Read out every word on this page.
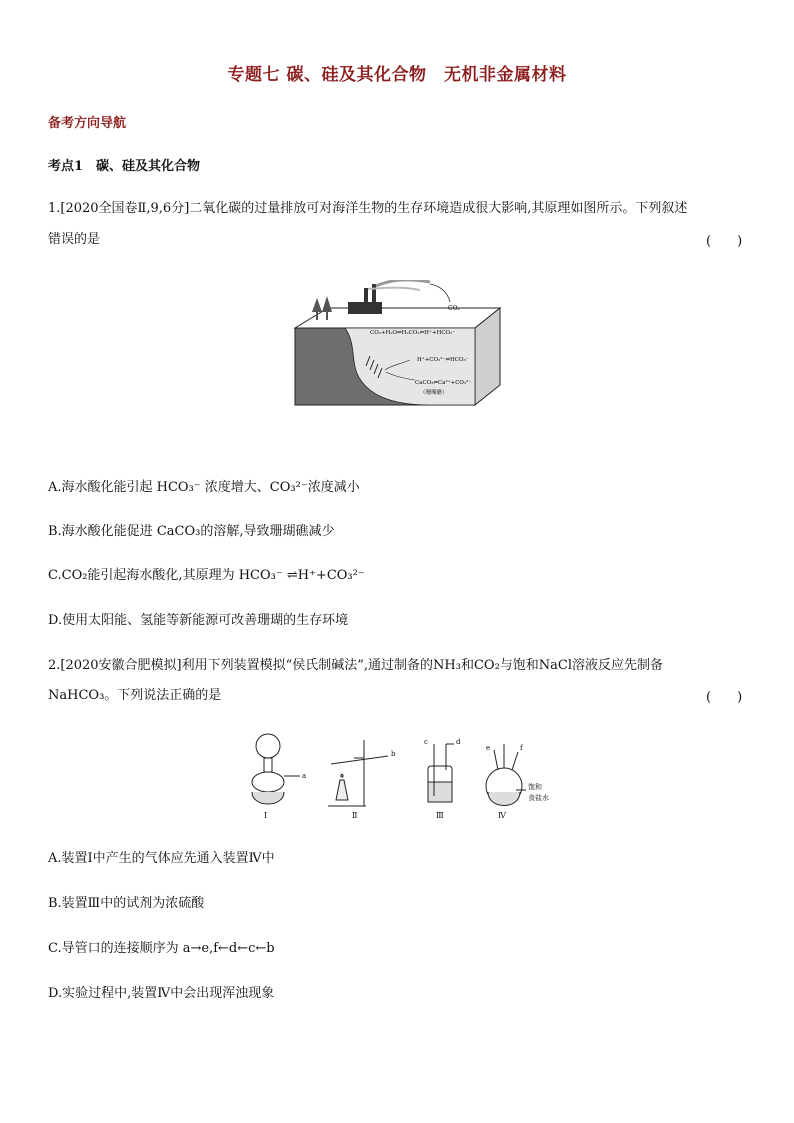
专题七 碳、硅及其化合物　无机非金属材料
备考方向导航
考点1　碳、硅及其化合物
1.[2020全国卷Ⅱ,9,6分]二氧化碳的过量排放可对海洋生物的生存环境造成很大影响,其原理如图所示。下列叙述
错误的是	(　　)
CO₂
CO₂+H₂O⇌H₂CO₃⇌H⁺+HCO₃⁻
H⁺+CO₃²⁻⇌HCO₃⁻
CaCO₃⇌Ca²⁺+CO₃²⁻
（珊瑚礁）
A.海水酸化能引起 HCO₃⁻ 浓度增大、CO₃²⁻浓度减小
B.海水酸化能促进 CaCO₃的溶解,导致珊瑚礁减少
C.CO₂能引起海水酸化,其原理为 HCO₃⁻ ⇌H⁺+CO₃²⁻
D.使用太阳能、氢能等新能源可改善珊瑚的生存环境
2.[2020安徽合肥模拟]利用下列装置模拟“侯氏制碱法”,通过制备的NH₃和CO₂与饱和NaCl溶液反应先制备
NaHCO₃。下列说法正确的是	(　　)
a
Ⅰ
b
Ⅱ
c	d
Ⅲ
e	f
饱和
食盐水
Ⅳ
A.装置Ⅰ中产生的气体应先通入装置Ⅳ中
B.装置Ⅲ中的试剂为浓硫酸
C.导管口的连接顺序为 a→e,f←d←c←b
D.实验过程中,装置Ⅳ中会出现浑浊现象
